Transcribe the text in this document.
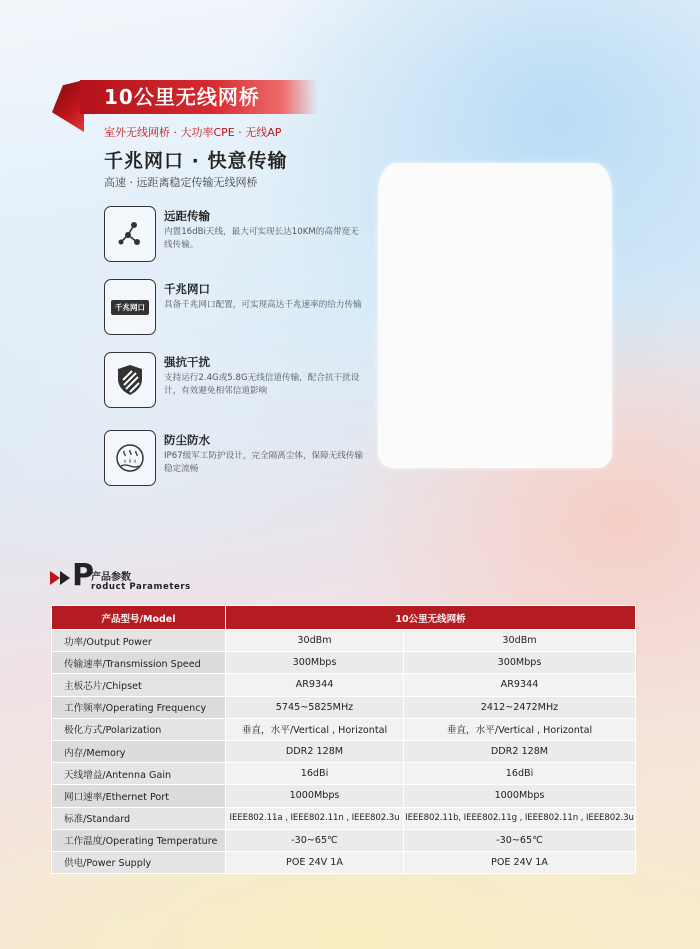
10公里无线网桥
室外无线网桥 · 大功率CPE · 无线AP
千兆网口 · 快意传输
高速 · 远距离稳定传输无线网桥
远距传输
内置16dBi天线，最大可实现长达10KM的高带宽无线传输。
千兆网口
千兆网口
具备千兆网口配置，可实现高达千兆速率的给力传输
强抗干扰
支持运行2.4G或5.8G无线信道传输，配合抗干扰设计，有效避免相邻信道影响
防尘防水
IP67级军工防护设计，完全隔离尘体，保障无线传输稳定流畅
P
产品参数
roduct Parameters
产品型号/Model	10公里无线网桥	
功率/Output Power	30dBm	30dBm
传输速率/Transmission Speed	300Mbps	300Mbps
主板芯片/Chipset	AR9344	AR9344
工作频率/Operating Frequency	5745~5825MHz	2412~2472MHz
极化方式/Polarization	垂直，水平/Vertical , Horizontal	垂直，水平/Vertical , Horizontal
内存/Memory	DDR2 128M	DDR2 128M
天线增益/Antenna Gain	16dBi	16dBi
网口速率/Ethernet Port	1000Mbps	1000Mbps
标准/Standard	IEEE802.11a , IEEE802.11n , IEEE802.3u	IEEE802.11b, IEEE802.11g , IEEE802.11n , IEEE802.3u
工作温度/Operating Temperature	-30~65℃	-30~65℃
供电/Power Supply	POE 24V 1A	POE 24V 1A
